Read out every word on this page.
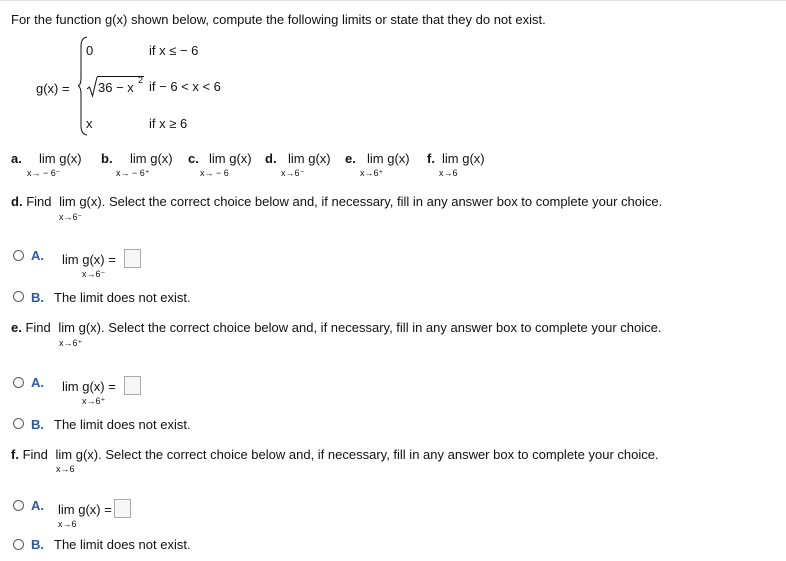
For the function g(x) shown below, compute the following limits or state that they do not exist.
g(x) =
0	if x ≤ − 6
36 − x 2 if − 6 < x < 6
x	if x ≥ 6
a. lim g(x)
x→ − 6⁻
b. lim g(x)
x→ − 6⁺
c. lim g(x)
x→ − 6
d. lim g(x)
x→6⁻
e. lim g(x)
x→6⁺
f. lim g(x)
x→6
d. Find lim g(x). Select the correct choice below and, if necessary, fill in any answer box to complete your choice.
x→6⁻
A. lim g(x) =
x→6⁻
B. The limit does not exist.
e. Find lim g(x). Select the correct choice below and, if necessary, fill in any answer box to complete your choice.
x→6⁺
A. lim g(x) =
x→6⁺
B. The limit does not exist.
f. Find lim g(x). Select the correct choice below and, if necessary, fill in any answer box to complete your choice.
x→6
A. lim g(x) =
x→6
B. The limit does not exist.
